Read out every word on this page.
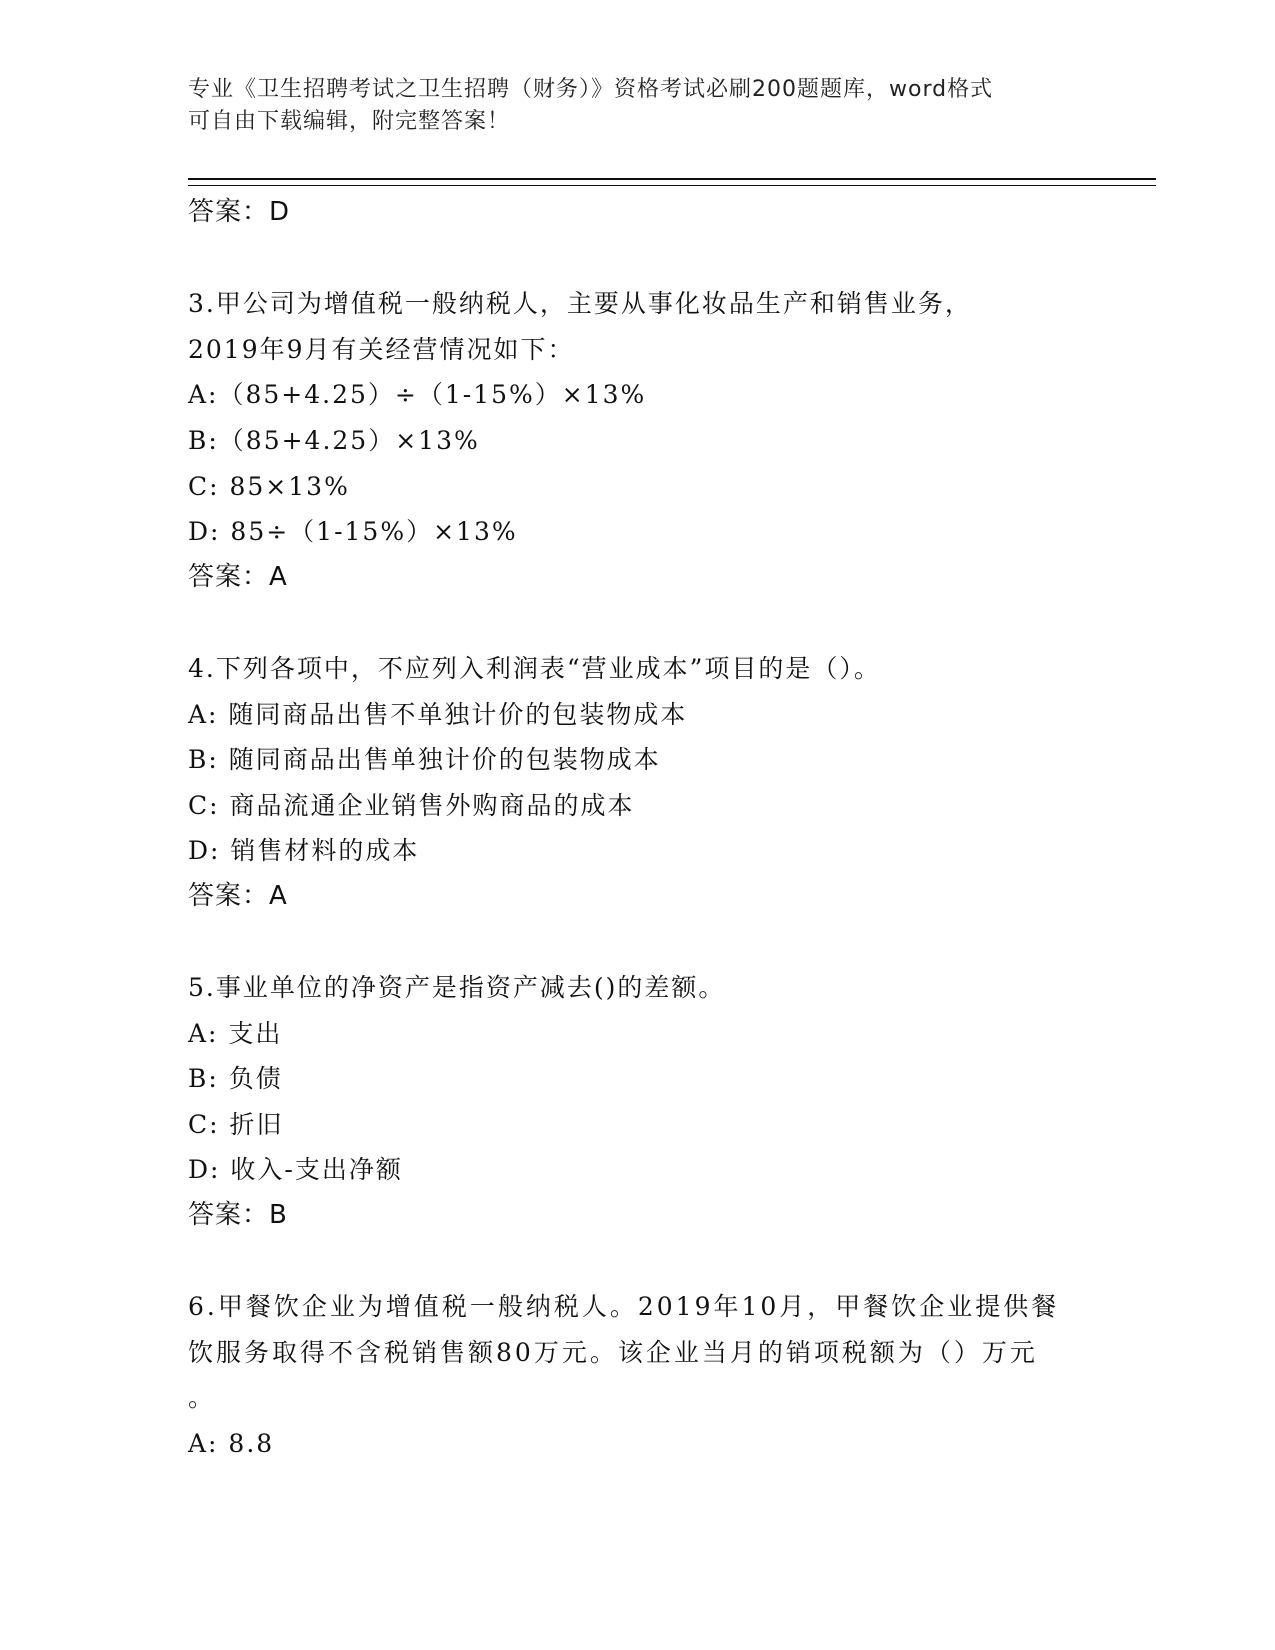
专业《卫生招聘考试之卫生招聘（财务）》资格考试必刷200题题库，word格式
可自由下载编辑，附完整答案！
答案：D
3.甲公司为增值税一般纳税人，主要从事化妆品生产和销售业务，
2019年9月有关经营情况如下：
A:（85+4.25）÷（1-15%）×13%
B:（85+4.25）×13%
C: 85×13%
D: 85÷（1-15%）×13%
答案：A
4.下列各项中，不应列入利润表“营业成本”项目的是（）。
A: 随同商品出售不单独计价的包装物成本
B: 随同商品出售单独计价的包装物成本
C: 商品流通企业销售外购商品的成本
D: 销售材料的成本
答案：A
5.事业单位的净资产是指资产减去()的差额。
A: 支出
B: 负债
C: 折旧
D: 收入-支出净额
答案：B
6.甲餐饮企业为增值税一般纳税人。2019年10月，甲餐饮企业提供餐
饮服务取得不含税销售额80万元。该企业当月的销项税额为（）万元
。
A: 8.8
